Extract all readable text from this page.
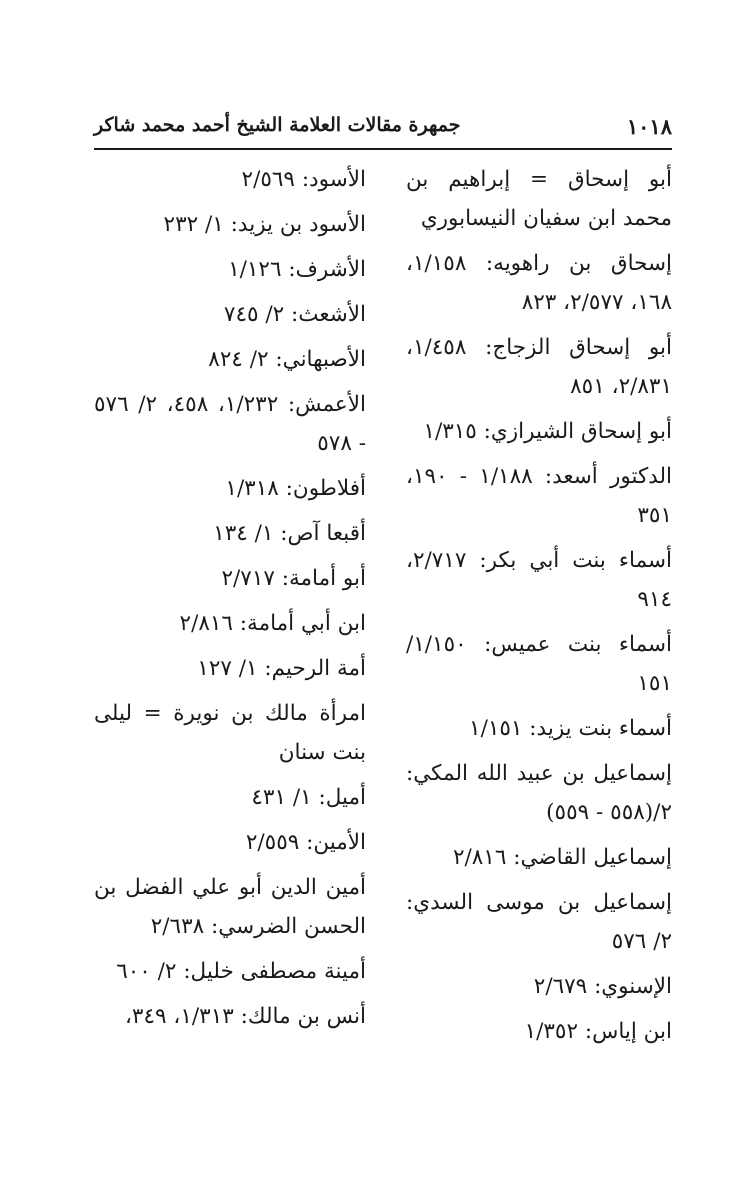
١٠١٨
جمهرة مقالات العلامة الشيخ أحمد محمد شاكر

أبو إسحاق = إبراهيم بن محمد ابن سفيان النيسابوري

إسحاق بن راهويه: ١/١٥٨، ١٦٨، ٢/٥٧٧، ٨٢٣

أبو إسحاق الزجاج: ١/٤٥٨، ٢/٨٣١، ٨٥١

أبو إسحاق الشيرازي: ١/٣١٥

الدكتور أسعد: ١/١٨٨ - ١٩٠، ٣٥١

أسماء بنت أبي بكر: ٢/٧١٧، ٩١٤

أسماء بنت عميس: ١/١٥٠/ ١٥١

أسماء بنت يزيد: ١/١٥١

إسماعيل بن عبيد الله المكي: ٢/(٥٥٨ - ٥٥٩)

إسماعيل القاضي: ٢/٨١٦

إسماعيل بن موسى السدي: ٢/ ٥٧٦

الإسنوي: ٢/٦٧٩

ابن إياس: ١/٣٥٢

الأسود: ٢/٥٦٩

الأسود بن يزيد: ١/ ٢٣٢

الأشرف: ١/١٢٦

الأشعث: ٢/ ٧٤٥

الأصبهاني: ٢/ ٨٢٤

الأعمش: ١/٢٣٢، ٤٥٨، ٢/ ٥٧٦ - ٥٧٨

أفلاطون: ١/٣١٨

أقبعا آص: ١/ ١٣٤

أبو أمامة: ٢/٧١٧

ابن أبي أمامة: ٢/٨١٦

أمة الرحيم: ١/ ١٢٧

امرأة مالك بن نويرة = ليلى بنت سنان

أميل: ١/ ٤٣١

الأمين: ٢/٥٥٩

أمين الدين أبو علي الفضل بن الحسن الضرسي: ٢/٦٣٨

أمينة مصطفى خليل: ٢/ ٦٠٠

أنس بن مالك: ١/٣١٣، ٣٤٩،
